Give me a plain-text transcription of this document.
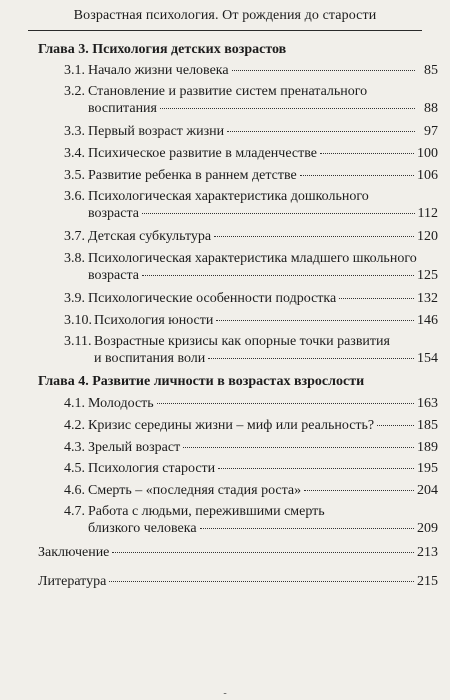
Возрастная психология. От рождения до старости
Глава 3. Психология детских возрастов
3.1. Начало жизни человека	85
3.2. Становление и развитие систем пренатального
воспитания	88
3.3. Первый возраст жизни	97
3.4. Психическое развитие в младенчестве	100
3.5. Развитие ребенка в раннем детстве	106
3.6. Психологическая характеристика дошкольного
возраста	112
3.7. Детская субкультура	120
3.8. Психологическая характеристика младшего школьного
возраста	125
3.9. Психологические особенности подростка	132
3.10. Психология юности	146
3.11. Возрастные кризисы как опорные точки развития
и воспитания воли	154
Глава 4. Развитие личности в возрастах взрослости
4.1. Молодость	163
4.2. Кризис середины жизни – миф или реальность?	185
4.3. Зрелый возраст	189
4.5. Психология старости	195
4.6. Смерть – «последняя стадия роста»	204
4.7. Работа с людьми, пережившими смерть
близкого человека	209
Заключение	213
Литература	215
-
